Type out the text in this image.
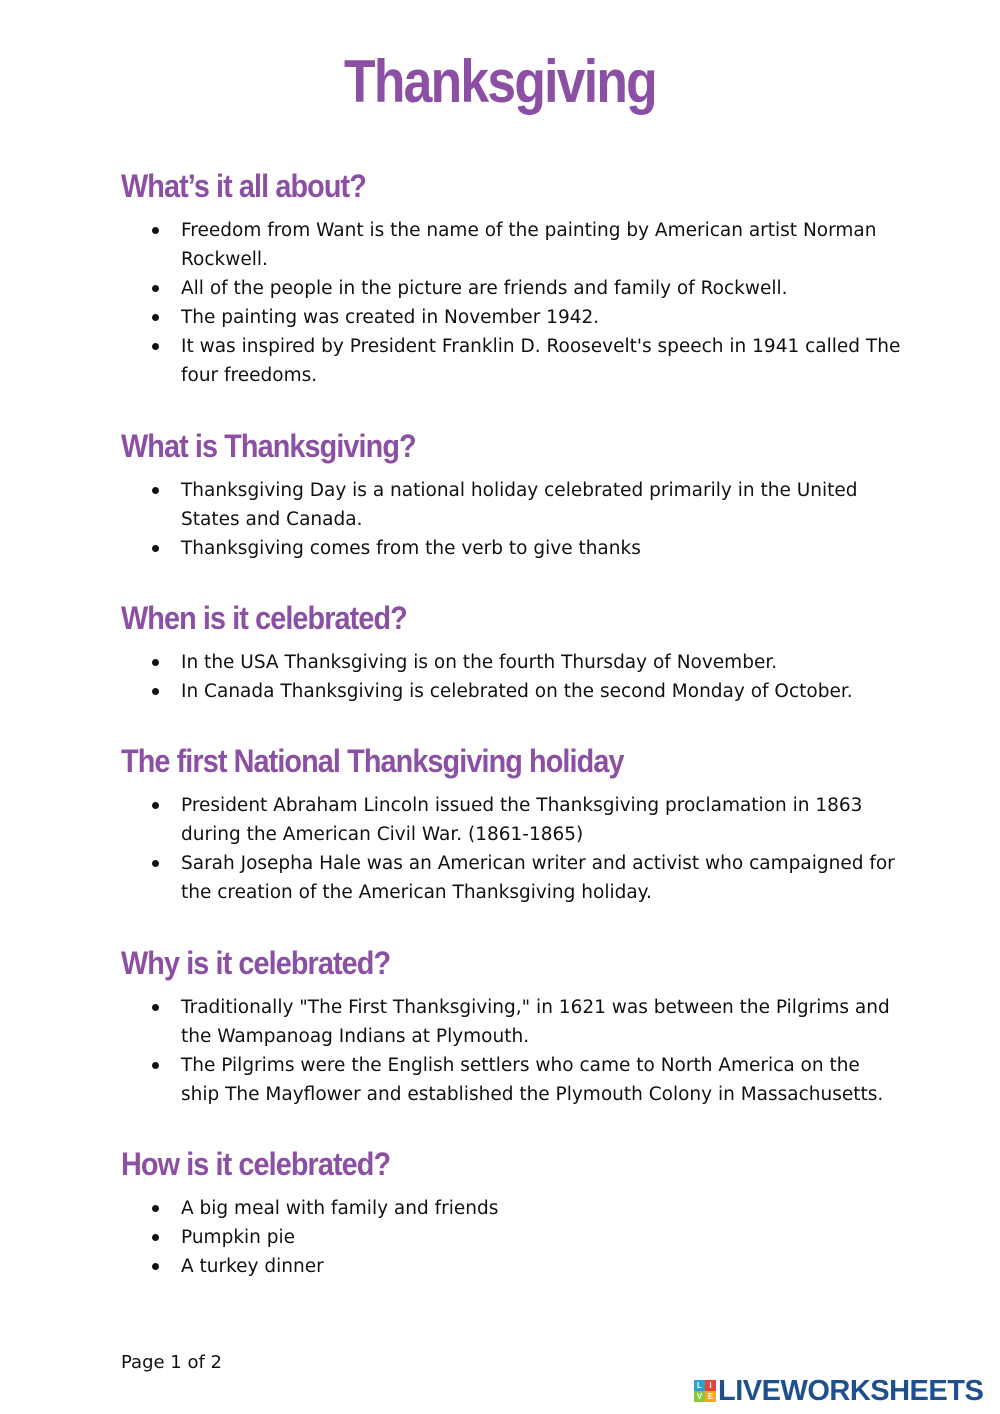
Thanksgiving
What’s it all about?
Freedom from Want is the name of the painting by American artist Norman Rockwell.
All of the people in the picture are friends and family of Rockwell.
The painting was created in November 1942.
It was inspired by President Franklin D. Roosevelt's speech in 1941 called The four freedoms.
What is Thanksgiving?
Thanksgiving Day is a national holiday celebrated primarily in the United States and Canada.
Thanksgiving comes from the verb to give thanks
When is it celebrated?
In the USA Thanksgiving is on the fourth Thursday of November.
In Canada Thanksgiving is celebrated on the second Monday of October.
The first National Thanksgiving holiday
President Abraham Lincoln issued the Thanksgiving proclamation in 1863 during the American Civil War. (1861-1865)
Sarah Josepha Hale was an American writer and activist who campaigned for the creation of the American Thanksgiving holiday.
Why is it celebrated?
Traditionally "The First Thanksgiving," in 1621 was between the Pilgrims and the Wampanoag Indians at Plymouth.
The Pilgrims were the English settlers who came to North America on the ship The Mayflower and established the Plymouth Colony in Massachusetts.
How is it celebrated?
A big meal with family and friends
Pumpkin pie
A turkey dinner
Page 1 of 2
L I
V E LIVEWORKSHEETS
